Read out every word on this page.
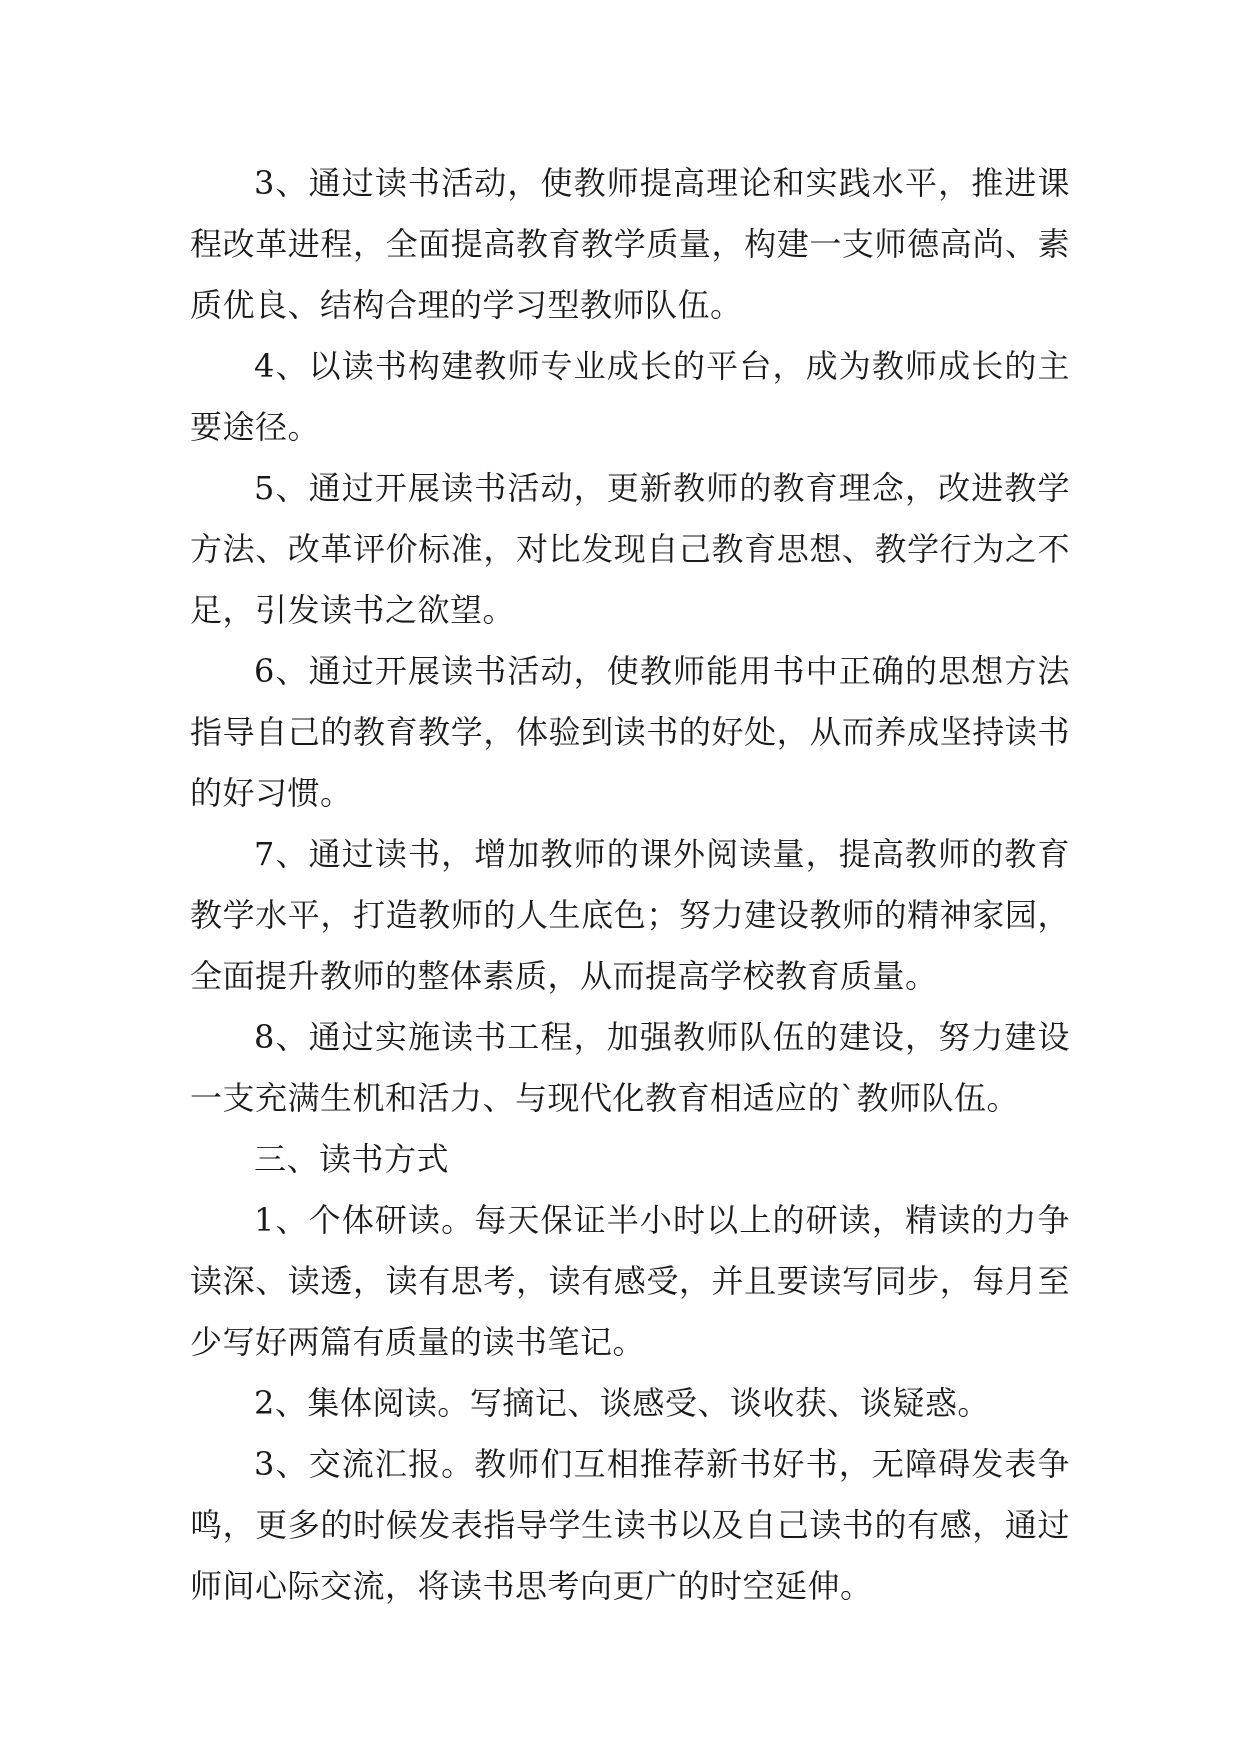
3、通过读书活动，使教师提高理论和实践水平，推进课程改革进程，全面提高教育教学质量，构建一支师德高尚、素质优良、结构合理的学习型教师队伍。

4、以读书构建教师专业成长的平台，成为教师成长的主要途径。

5、通过开展读书活动，更新教师的教育理念，改进教学方法、改革评价标准，对比发现自己教育思想、教学行为之不足，引发读书之欲望。

6、通过开展读书活动，使教师能用书中正确的思想方法指导自己的教育教学，体验到读书的好处，从而养成坚持读书的好习惯。

7、通过读书，增加教师的课外阅读量，提高教师的教育教学水平，打造教师的人生底色；努力建设教师的精神家园，全面提升教师的整体素质，从而提高学校教育质量。

8、通过实施读书工程，加强教师队伍的建设，努力建设一支充满生机和活力、与现代化教育相适应的`教师队伍。

三、读书方式

1、个体研读。每天保证半小时以上的研读，精读的力争读深、读透，读有思考，读有感受，并且要读写同步，每月至少写好两篇有质量的读书笔记。

2、集体阅读。写摘记、谈感受、谈收获、谈疑惑。

3、交流汇报。教师们互相推荐新书好书，无障碍发表争鸣，更多的时候发表指导学生读书以及自己读书的有感，通过师间心际交流，将读书思考向更广的时空延伸。
